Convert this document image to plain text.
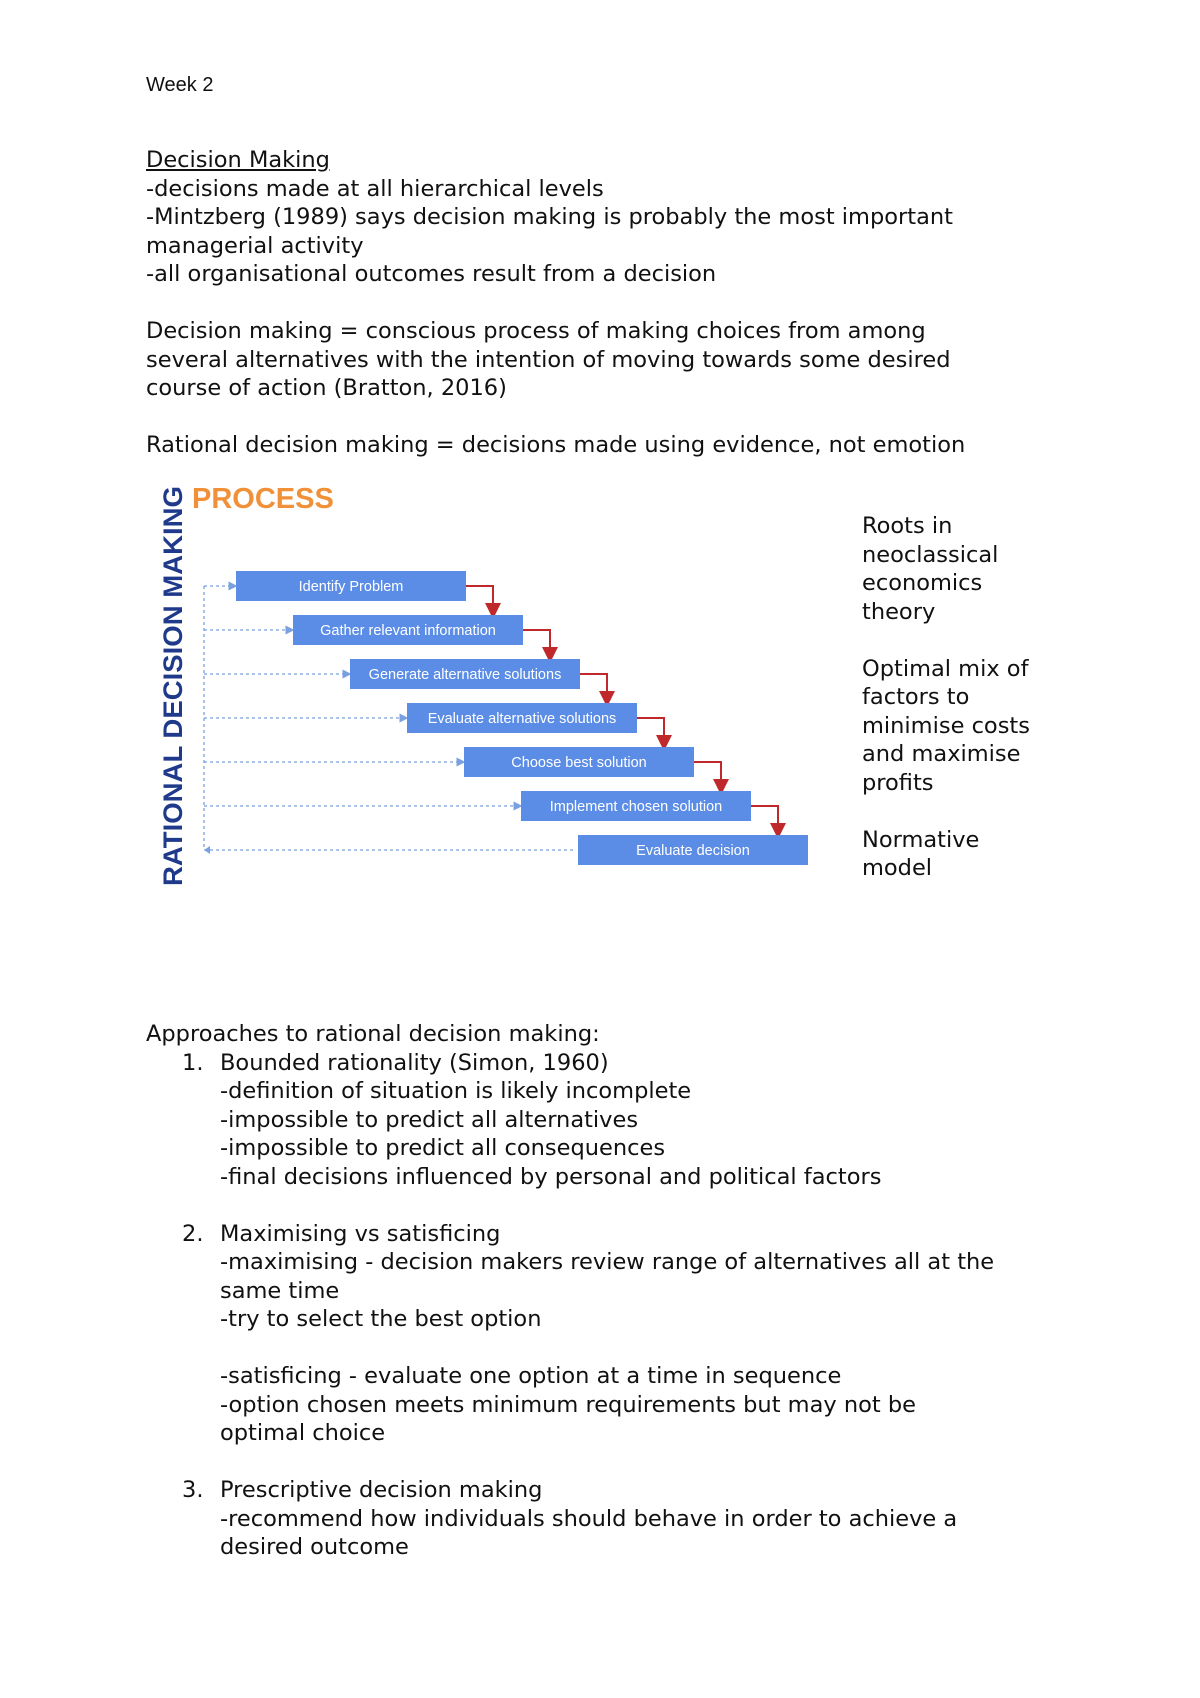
Week 2
Decision Making
-decisions made at all hierarchical levels
-Mintzberg (1989) says decision making is probably the most important
managerial activity
-all organisational outcomes result from a decision
Decision making = conscious process of making choices from among
several alternatives with the intention of moving towards some desired
course of action (Bratton, 2016)
Rational decision making = decisions made using evidence, not emotion
RATIONAL DECISION MAKING PROCESS
Identify Problem
Gather relevant information
Generate alternative solutions
Evaluate alternative solutions
Choose best solution
Implement chosen solution
Evaluate decision
Roots in
neoclassical
economics
theory
Optimal mix of
factors to
minimise costs
and maximise
profits
Normative
model
Approaches to rational decision making:
1. Bounded rationality (Simon, 1960)
-definition of situation is likely incomplete
-impossible to predict all alternatives
-impossible to predict all consequences
-final decisions influenced by personal and political factors
2. Maximising vs satisficing
-maximising - decision makers review range of alternatives all at the
same time
-try to select the best option
-satisficing - evaluate one option at a time in sequence
-option chosen meets minimum requirements but may not be
optimal choice
3. Prescriptive decision making
-recommend how individuals should behave in order to achieve a
desired outcome
